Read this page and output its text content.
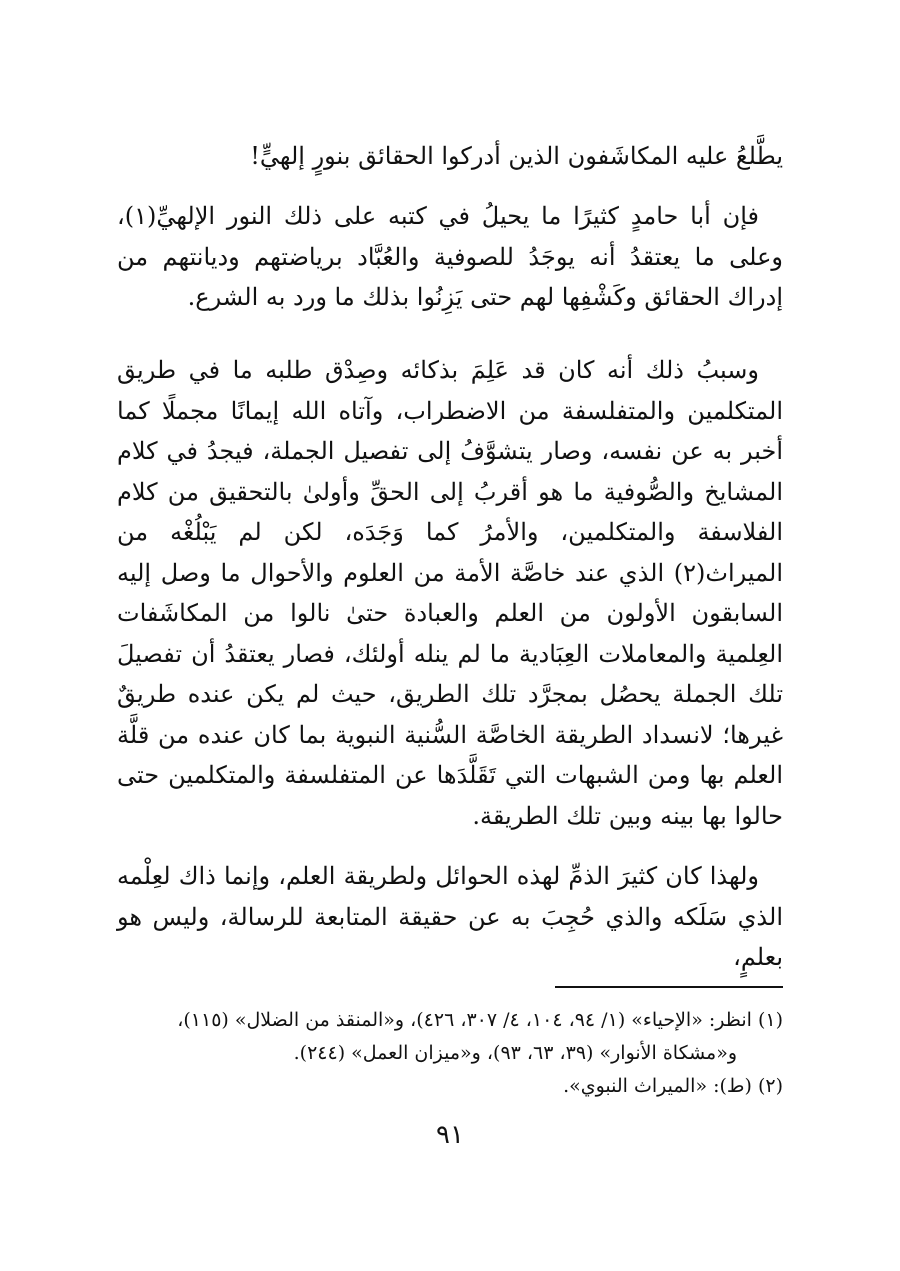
يطَّلعُ عليه المكاشَفون الذين أدركوا الحقائق بنورٍ إلهيٍّ!

فإن أبا حامدٍ كثيرًا ما يحيلُ في كتبه على ذلك النور الإلهيِّ(١)، وعلى ما يعتقدُ أنه يوجَدُ للصوفية والعُبَّاد برياضتهم وديانتهم من إدراك الحقائق وكَشْفِها لهم حتى يَزِنُوا بذلك ما ورد به الشرع.

وسببُ ذلك أنه كان قد عَلِمَ بذكائه وصِدْق طلبه ما في طريق المتكلمين والمتفلسفة من الاضطراب، وآتاه الله إيمانًا مجملًا كما أخبر به عن نفسه، وصار يتشوَّفُ إلى تفصيل الجملة، فيجدُ في كلام المشايخ والصُّوفية ما هو أقربُ إلى الحقِّ وأولىٰ بالتحقيق من كلام الفلاسفة والمتكلمين، والأمرُ كما وَجَدَه، لكن لم يَبْلُغْه من الميراث(٢) الذي عند خاصَّة الأمة من العلوم والأحوال ما وصل إليه السابقون الأولون من العلم والعبادة حتىٰ نالوا من المكاشَفات العِلمية والمعاملات العِبَادية ما لم ينله أولئك، فصار يعتقدُ أن تفصيلَ تلك الجملة يحصُل بمجرَّد تلك الطريق، حيث لم يكن عنده طريقٌ غيرها؛ لانسداد الطريقة الخاصَّة السُّنية النبوية بما كان عنده من قلَّة العلم بها ومن الشبهات التي تَقَلَّدَها عن المتفلسفة والمتكلمين حتى حالوا بها بينه وبين تلك الطريقة.

ولهذا كان كثيرَ الذمِّ لهذه الحوائل ولطريقة العلم، وإنما ذاك لعِلْمه الذي سَلَكه والذي حُجِبَ به عن حقيقة المتابعة للرسالة، وليس هو بعلمٍ،

(١) انظر: «الإحياء» (١/ ٩٤، ١٠٤، ٤/ ٣٠٧، ٤٢٦)، و«المنقذ من الضلال» (١١٥)،

و«مشكاة الأنوار» (٣٩، ٦٣، ٩٣)، و«ميزان العمل» (٢٤٤).

(٢) (ط): «الميراث النبوي».

٩١
